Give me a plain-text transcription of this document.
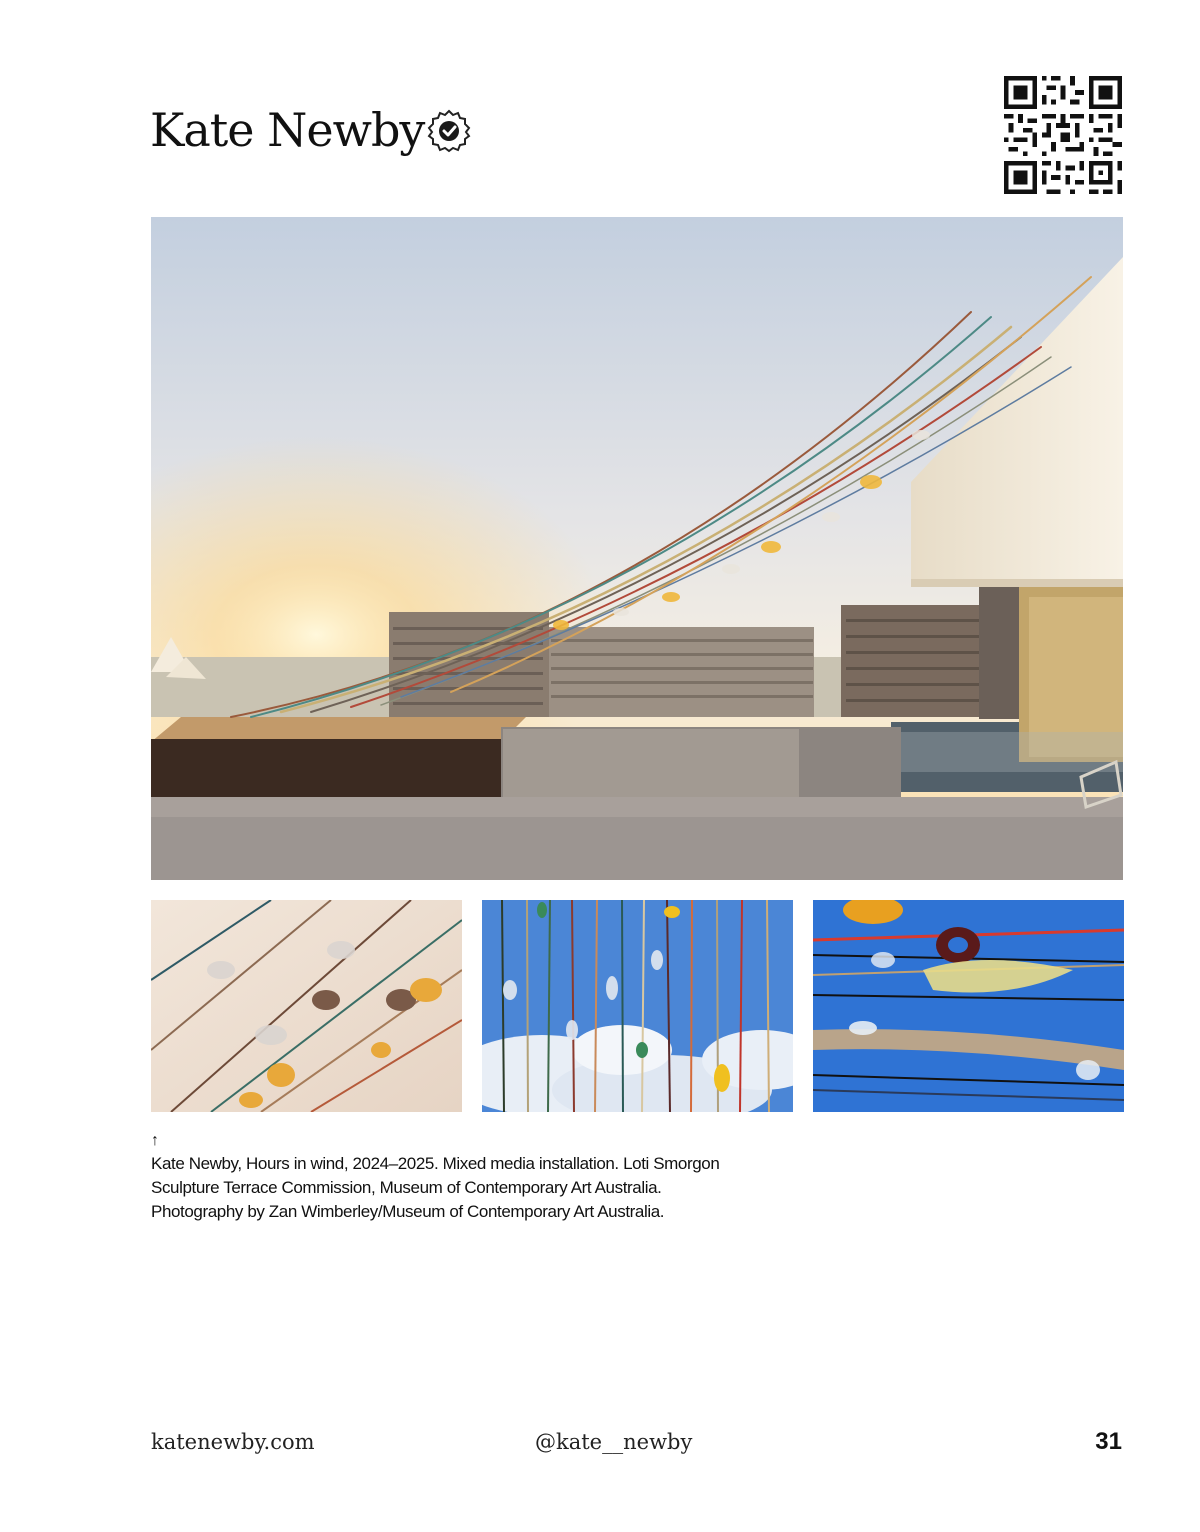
Kate Newby
↑
Kate Newby, Hours in wind, 2024–2025. Mixed media installation. Loti Smorgon
Sculpture Terrace Commission, Museum of Contemporary Art Australia.
Photography by Zan Wimberley/Museum of Contemporary Art Australia.
katenewby.com	@kate__newby	31
